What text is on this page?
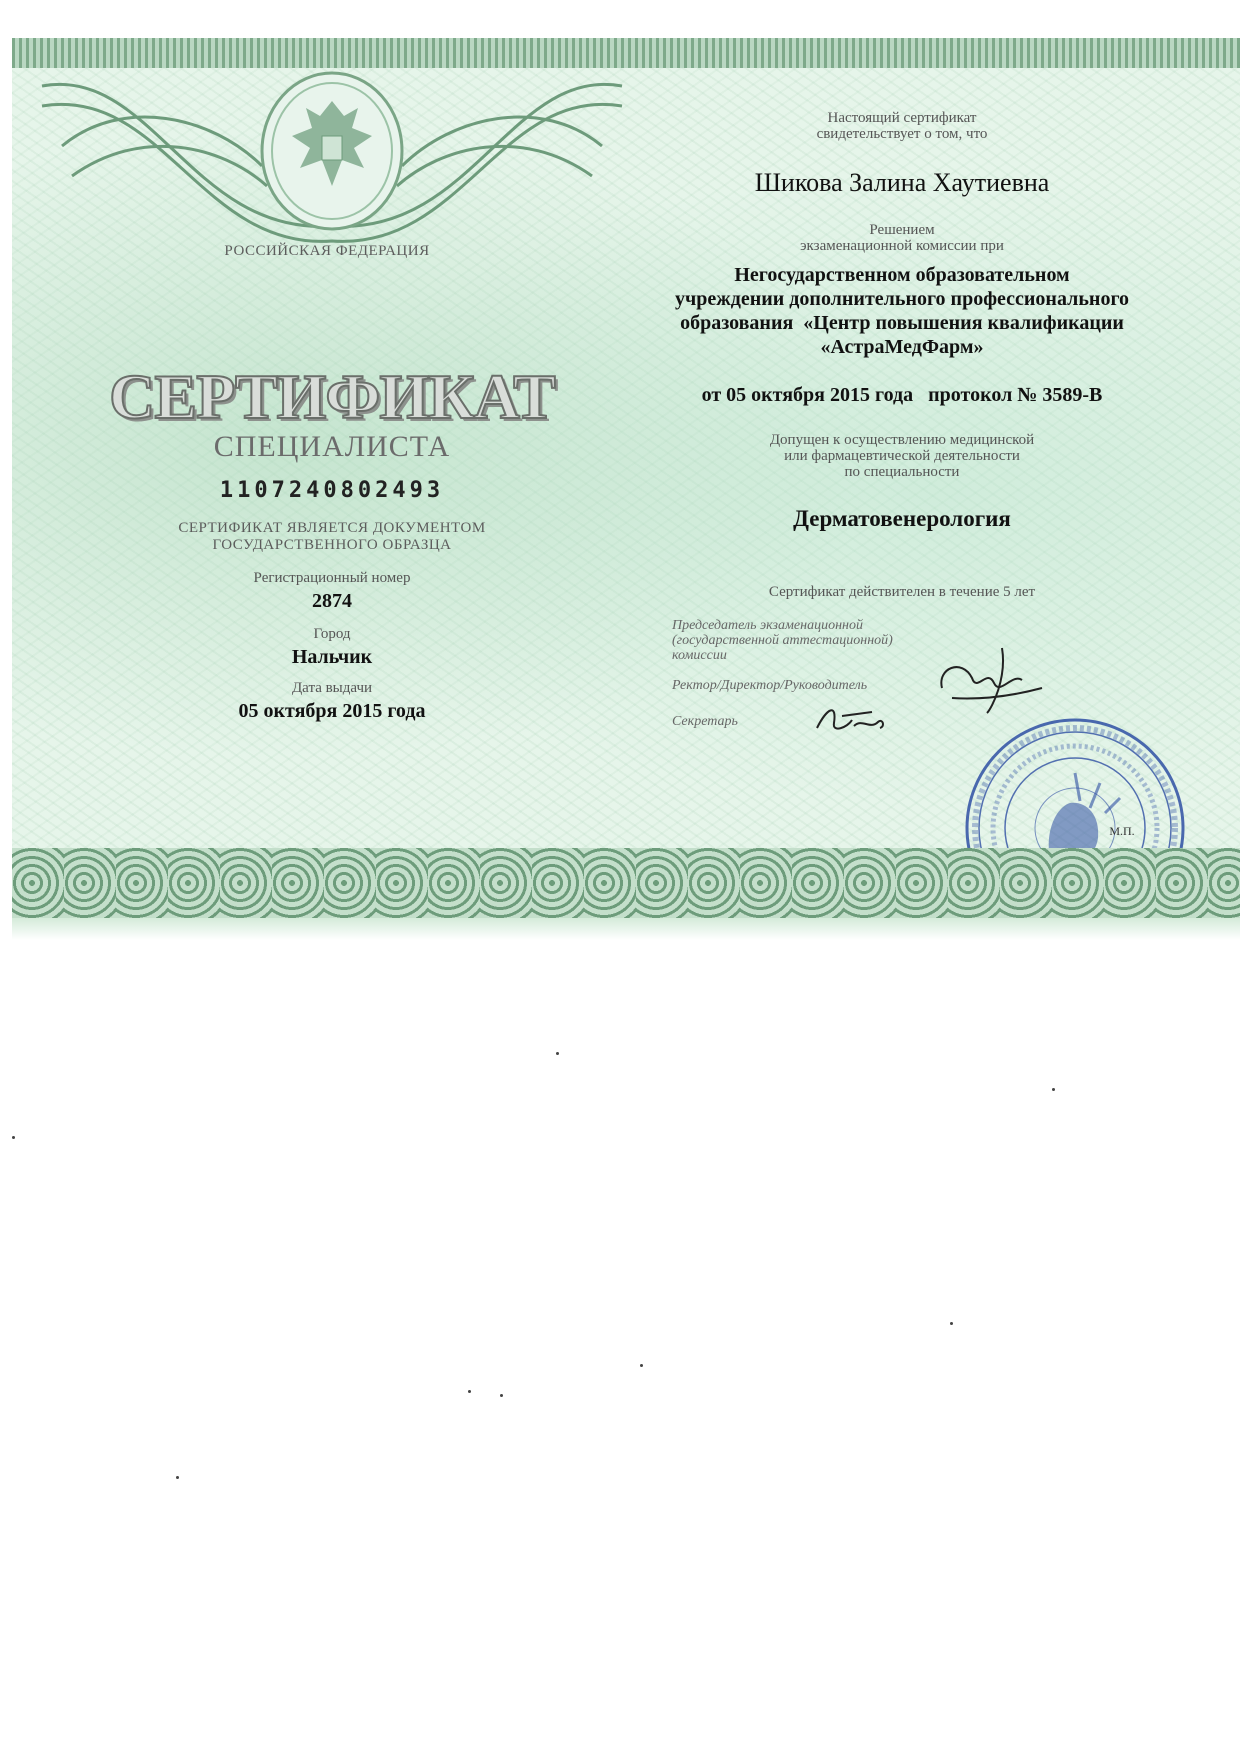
РОССИЙСКАЯ ФЕДЕРАЦИЯ

СЕРТИФИКАТ

СПЕЦИАЛИСТА

1107240802493

СЕРТИФИКАТ ЯВЛЯЕТСЯ ДОКУМЕНТОМ

ГОСУДАРСТВЕННОГО ОБРАЗЦА

Регистрационный номер

2874

Город

Нальчик

Дата выдачи

05 октября 2015 года

Настоящий сертификат

свидетельствует о том, что

Шикова Залина Хаутиевна

Решением

экзаменационной комиссии при

Негосударственном образовательном

учреждении дополнительного профессионального

образования  «Центр повышения квалификации

«АстраМедФарм»

от 05 октября 2015 года   протокол № 3589-В

Допущен к осуществлению медицинской

или фармацевтической деятельности

по специальности

Дерматовенерология

Сертификат действителен в течение 5 лет

Председатель экзаменационной

(государственной аттестационной)

комиссии

Ректор/Директор/Руководитель

Секретарь

М.П.
